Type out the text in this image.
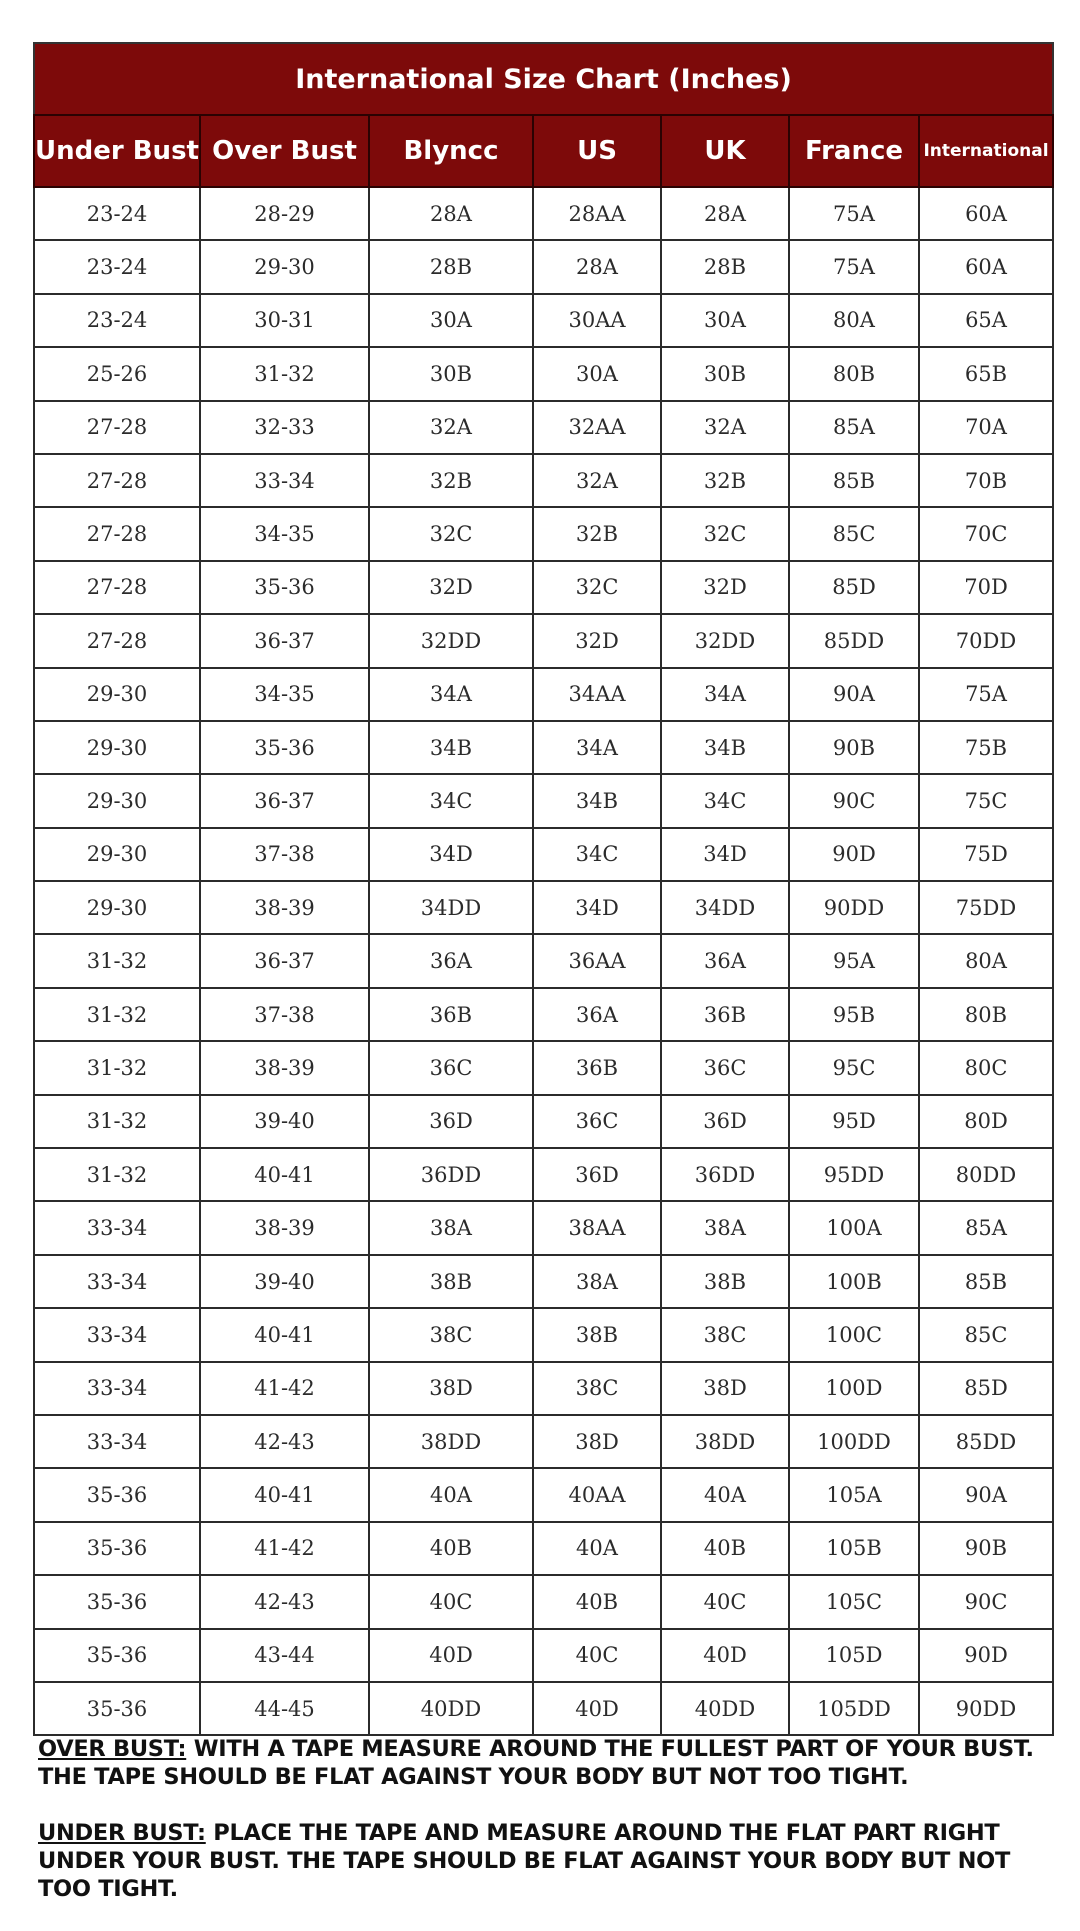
International Size Chart (Inches)						
Under Bust	Over Bust	Blyncc	US	UK	France	International
23-24	28-29	28A	28AA	28A	75A	60A
23-24	29-30	28B	28A	28B	75A	60A
23-24	30-31	30A	30AA	30A	80A	65A
25-26	31-32	30B	30A	30B	80B	65B
27-28	32-33	32A	32AA	32A	85A	70A
27-28	33-34	32B	32A	32B	85B	70B
27-28	34-35	32C	32B	32C	85C	70C
27-28	35-36	32D	32C	32D	85D	70D
27-28	36-37	32DD	32D	32DD	85DD	70DD
29-30	34-35	34A	34AA	34A	90A	75A
29-30	35-36	34B	34A	34B	90B	75B
29-30	36-37	34C	34B	34C	90C	75C
29-30	37-38	34D	34C	34D	90D	75D
29-30	38-39	34DD	34D	34DD	90DD	75DD
31-32	36-37	36A	36AA	36A	95A	80A
31-32	37-38	36B	36A	36B	95B	80B
31-32	38-39	36C	36B	36C	95C	80C
31-32	39-40	36D	36C	36D	95D	80D
31-32	40-41	36DD	36D	36DD	95DD	80DD
33-34	38-39	38A	38AA	38A	100A	85A
33-34	39-40	38B	38A	38B	100B	85B
33-34	40-41	38C	38B	38C	100C	85C
33-34	41-42	38D	38C	38D	100D	85D
33-34	42-43	38DD	38D	38DD	100DD	85DD
35-36	40-41	40A	40AA	40A	105A	90A
35-36	41-42	40B	40A	40B	105B	90B
35-36	42-43	40C	40B	40C	105C	90C
35-36	43-44	40D	40C	40D	105D	90D
35-36	44-45	40DD	40D	40DD	105DD	90DD

OVER BUST: WITH A TAPE MEASURE AROUND THE FULLEST PART OF YOUR BUST. THE TAPE SHOULD BE FLAT AGAINST YOUR BODY BUT NOT TOO TIGHT.

UNDER BUST: PLACE THE TAPE AND MEASURE AROUND THE FLAT PART RIGHT UNDER YOUR BUST. THE TAPE SHOULD BE FLAT AGAINST YOUR BODY BUT NOT TOO TIGHT.
